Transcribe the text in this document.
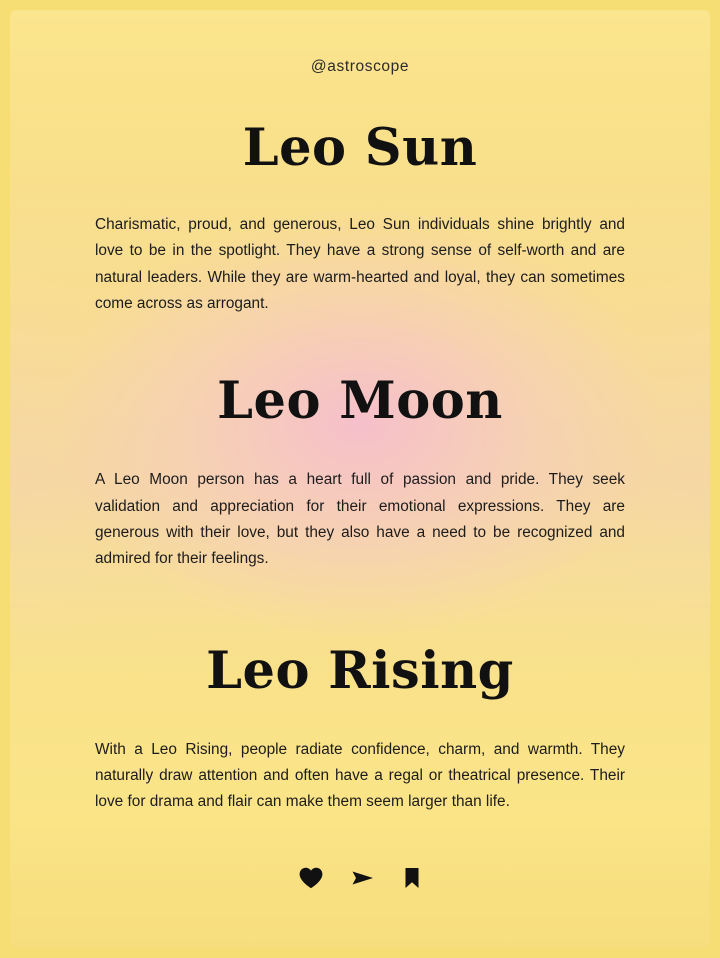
@astroscope
Leo Sun

Charismatic, proud, and generous, Leo Sun individuals shine brightly and love to be in the spotlight. They have a strong sense of self-worth and are natural leaders. While they are warm-hearted and loyal, they can sometimes come across as arrogant.

Leo Moon

A Leo Moon person has a heart full of passion and pride. They seek validation and appreciation for their emotional expressions. They are generous with their love, but they also have a need to be recognized and admired for their feelings.

Leo Rising

With a Leo Rising, people radiate confidence, charm, and warmth. They naturally draw attention and often have a regal or theatrical presence. Their love for drama and flair can make them seem larger than life.
